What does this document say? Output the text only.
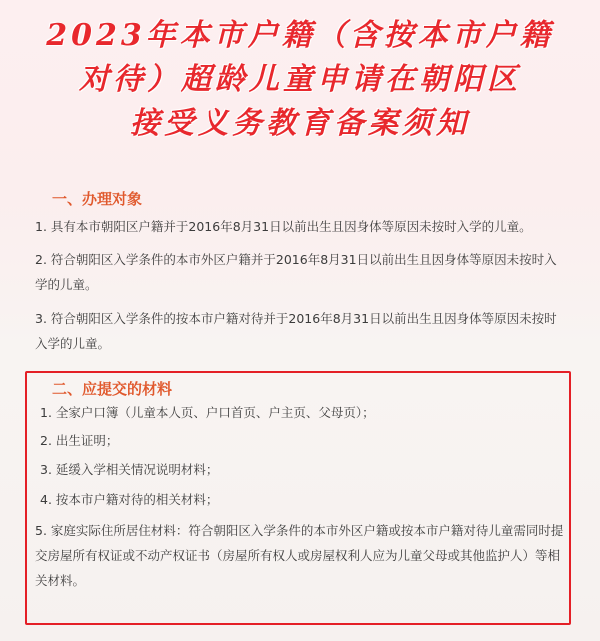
2023年本市户籍（含按本市户籍
对待）超龄儿童申请在朝阳区
接受义务教育备案须知
一、办理对象
1. 具有本市朝阳区户籍并于2016年8月31日以前出生且因身体等原因未按时入学的儿童。
2. 符合朝阳区入学条件的本市外区户籍并于2016年8月31日以前出生且因身体等原因未按时入学的儿童。
3. 符合朝阳区入学条件的按本市户籍对待并于2016年8月31日以前出生且因身体等原因未按时入学的儿童。
二、应提交的材料
1. 全家户口簿（儿童本人页、户口首页、户主页、父母页）；
2. 出生证明；
3. 延缓入学相关情况说明材料；
4. 按本市户籍对待的相关材料；
5. 家庭实际住所居住材料：符合朝阳区入学条件的本市外区户籍或按本市户籍对待儿童需同时提交房屋所有权证或不动产权证书（房屋所有权人或房屋权利人应为儿童父母或其他监护人）等相关材料。
